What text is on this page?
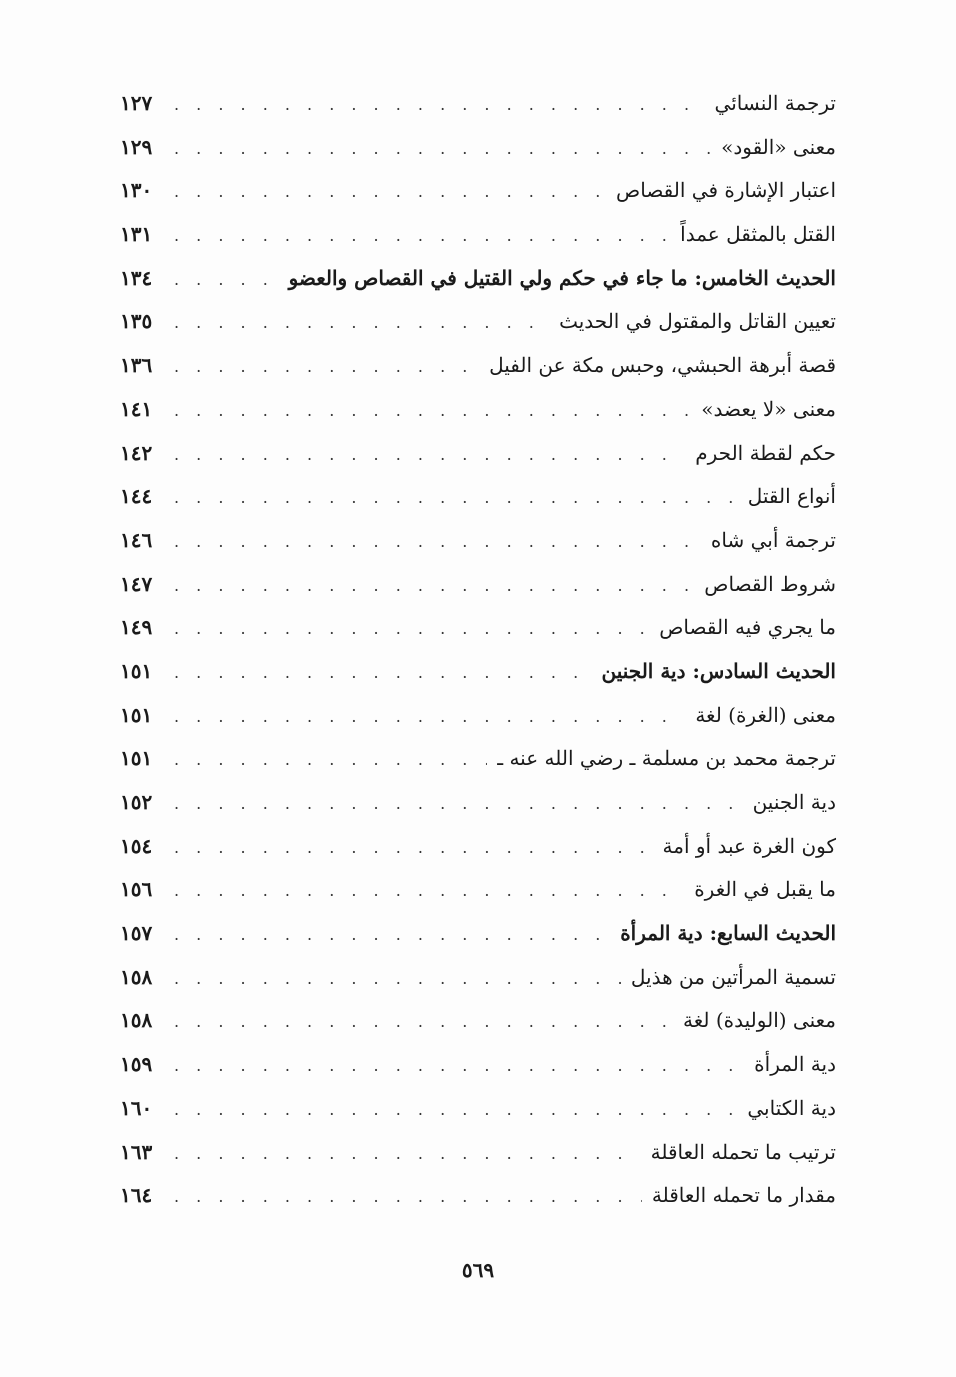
ترجمة النسائي
. . .
١٢٧
معنى «القود»
. . .
١٢٩
اعتبار الإشارة في القصاص
. . .
١٣٠
القتل بالمثقل عمداً
. . .
١٣١
الحديث الخامس: ما جاء في حكم ولي القتيل في القصاص والعضو
. . .
١٣٤
تعيين القاتل والمقتول في الحديث
. . .
١٣٥
قصة أبرهة الحبشي، وحبس مكة عن الفيل
. . .
١٣٦
معنى «لا يعضد»
. . .
١٤١
حكم لقطة الحرم
. . .
١٤٢
أنواع القتل
. . .
١٤٤
ترجمة أبي شاه
. . .
١٤٦
شروط القصاص
. . .
١٤٧
ما يجري فيه القصاص
. . .
١٤٩
الحديث السادس: دية الجنين
. . .
١٥١
معنى (الغرة) لغة
. . .
١٥١
ترجمة محمد بن مسلمة ـ رضي الله عنه ـ
. . .
١٥١
دية الجنين
. . .
١٥٢
كون الغرة عبد أو أمة
. . .
١٥٤
ما يقبل في الغرة
. . .
١٥٦
الحديث السابع: دية المرأة
. . .
١٥٧
تسمية المرأتين من هذيل
. . .
١٥٨
معنى (الوليدة) لغة
. . .
١٥٨
دية المرأة
. . .
١٥٩
دية الكتابي
. . .
١٦٠
ترتيب ما تحمله العاقلة
. . .
١٦٣
مقدار ما تحمله العاقلة
. . .
١٦٤
٥٦٩
